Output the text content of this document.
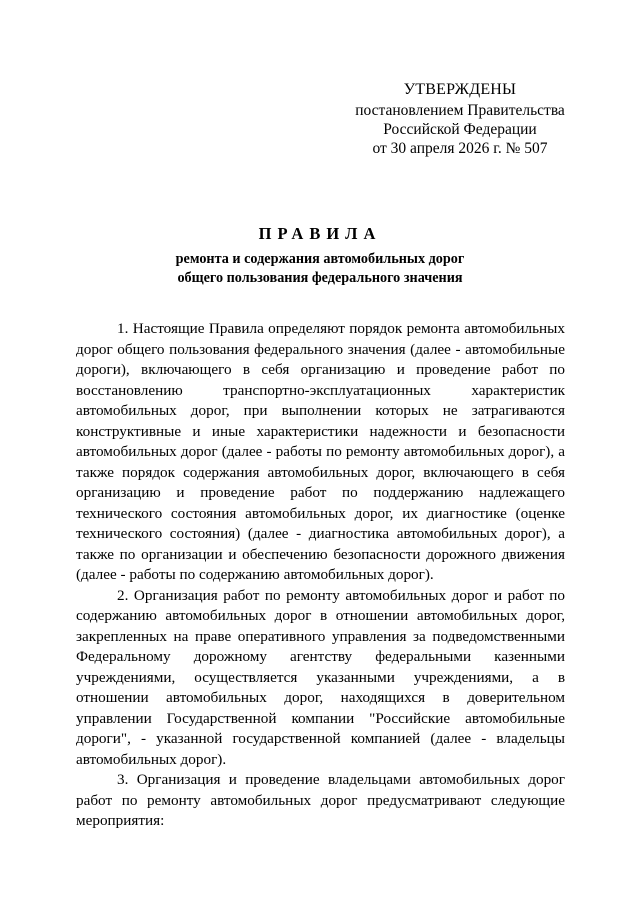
УТВЕРЖДЕНЫ
постановлением Правительства
Российской Федерации
от 30 апреля 2026 г. № 507
ПРАВИЛА
ремонта и содержания автомобильных дорог
общего пользования федерального значения

1. Настоящие Правила определяют порядок ремонта автомобильных дорог общего пользования федерального значения (далее - автомобильные дороги), включающего в себя организацию и проведение работ по восстановлению транспортно-эксплуатационных характеристик автомобильных дорог, при выполнении которых не затрагиваются конструктивные и иные характеристики надежности и безопасности автомобильных дорог (далее - работы по ремонту автомобильных дорог), а также порядок содержания автомобильных дорог, включающего в себя организацию и проведение работ по поддержанию надлежащего технического состояния автомобильных дорог, их диагностике (оценке технического состояния) (далее - диагностика автомобильных дорог), а также по организации и обеспечению безопасности дорожного движения (далее - работы по содержанию автомобильных дорог).

2. Организация работ по ремонту автомобильных дорог и работ по содержанию автомобильных дорог в отношении автомобильных дорог, закрепленных на праве оперативного управления за подведомственными Федеральному дорожному агентству федеральными казенными учреждениями, осуществляется указанными учреждениями, а в отношении автомобильных дорог, находящихся в доверительном управлении Государственной компании "Российские автомобильные дороги", - указанной государственной компанией (далее - владельцы автомобильных дорог).

3. Организация и проведение владельцами автомобильных дорог работ по ремонту автомобильных дорог предусматривают следующие мероприятия:
